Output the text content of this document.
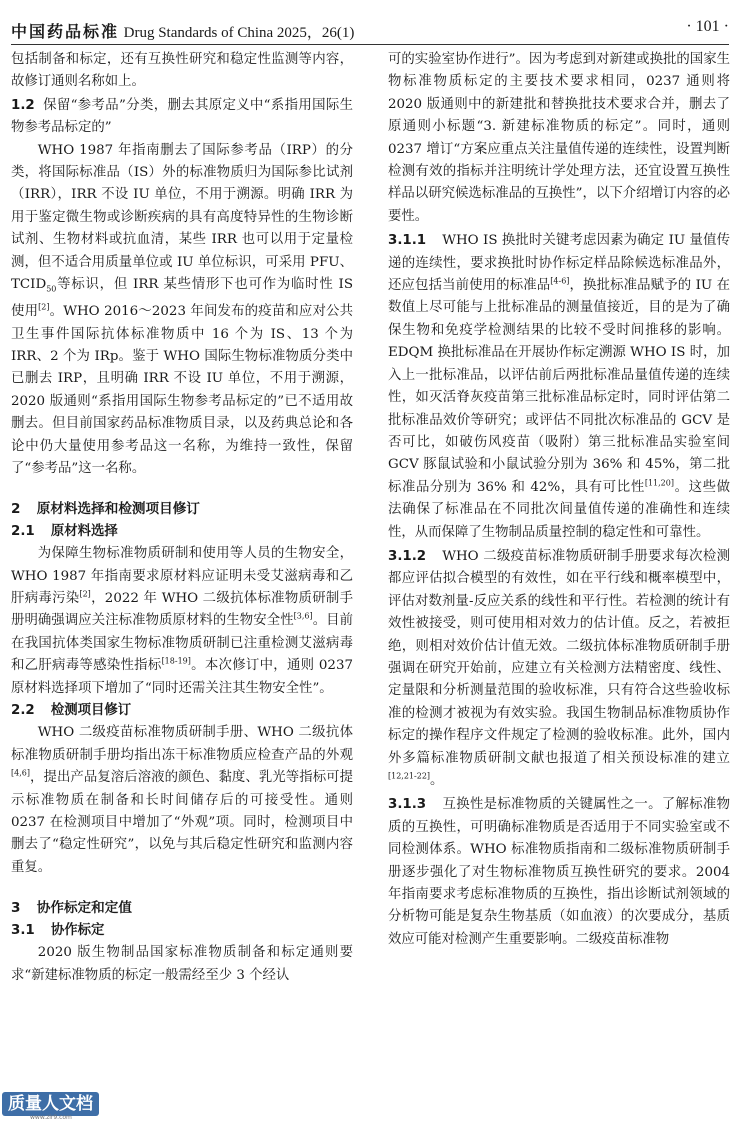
中国药品标准 Drug Standards of China 2025，26(1)	· 101 ·

包括制备和标定，还有互换性研究和稳定性监测等内容，故修订通则名称如上。

1.2 保留“参考品”分类，删去其原定义中“系指用国际生物参考品标定的”

WHO 1987 年指南删去了国际参考品（IRP）的分类，将国际标准品（IS）外的标准物质归为国际参比试剂（IRR），IRR 不设 IU 单位，不用于溯源。明确 IRR 为用于鉴定微生物或诊断疾病的具有高度特异性的生物诊断试剂、生物材料或抗血清，某些 IRR 也可以用于定量检测，但不适合用质量单位或 IU 单位标识，可采用 PFU、$TCID_{50}$等标识，但 IRR 某些情形下也可作为临时性 IS 使用[2]。WHO 2016～2023 年间发布的疫苗和应对公共卫生事件国际抗体标准物质中 16 个为 IS、13 个为 IRR、2 个为 IRp。鉴于 WHO 国际生物标准物质分类中已删去 IRP，且明确 IRR 不设 IU 单位，不用于溯源，2020 版通则“系指用国际生物参考品标定的”已不适用故删去。但目前国家药品标准物质目录，以及药典总论和各论中仍大量使用参考品这一名称，为维持一致性，保留了“参考品”这一名称。

2 原材料选择和检测项目修订
2.1 原材料选择

为保障生物标准物质研制和使用等人员的生物安全，WHO 1987 年指南要求原材料应证明未受艾滋病毒和乙肝病毒污染[2]，2022 年 WHO 二级抗体标准物质研制手册明确强调应关注标准物质原材料的生物安全性[3,6]。目前在我国抗体类国家生物标准物质研制已注重检测艾滋病毒和乙肝病毒等感染性指标[18-19]。本次修订中，通则 0237 原材料选择项下增加了“同时还需关注其生物安全性”。

2.2 检测项目修订

WHO 二级疫苗标准物质研制手册、WHO 二级抗体标准物质研制手册均指出冻干标准物质应检查产品的外观[4,6]，提出产品复溶后溶液的颜色、黏度、乳光等指标可提示标准物质在制备和长时间储存后的可接受性。通则 0237 在检测项目中增加了“外观”项。同时，检测项目中删去了“稳定性研究”，以免与其后稳定性研究和监测内容重复。

3 协作标定和定值
3.1 协作标定

2020 版生物制品国家标准物质制备和标定通则要求“新建标准物质的标定一般需经至少 3 个经认

可的实验室协作进行”。因为考虑到对新建或换批的国家生物标准物质标定的主要技术要求相同，0237 通则将 2020 版通则中的新建批和替换批技术要求合并，删去了原通则小标题“3. 新建标准物质的标定”。同时，通则 0237 增订“方案应重点关注量值传递的连续性，设置判断检测有效的指标并注明统计学处理方法，还宜设置互换性样品以研究候选标准品的互换性”，以下介绍增订内容的必要性。

3.1.1 WHO IS 换批时关键考虑因素为确定 IU 量值传递的连续性，要求换批时协作标定样品除候选标准品外，还应包括当前使用的标准品[4-6]，换批标准品赋予的 IU 在数值上尽可能与上批标准品的测量值接近，目的是为了确保生物和免疫学检测结果的比较不受时间推移的影响。EDQM 换批标准品在开展协作标定溯源 WHO IS 时，加入上一批标准品，以评估前后两批标准品量值传递的连续性，如灭活脊灰疫苗第三批标准品标定时，同时评估第二批标准品效价等研究；或评估不同批次标准品的 GCV 是否可比，如破伤风疫苗（吸附）第三批标准品实验室间 GCV 豚鼠试验和小鼠试验分别为 36% 和 45%，第二批标准品分别为 36% 和 42%，具有可比性[11,20]。这些做法确保了标准品在不同批次间量值传递的准确性和连续性，从而保障了生物制品质量控制的稳定性和可靠性。

3.1.2 WHO 二级疫苗标准物质研制手册要求每次检测都应评估拟合模型的有效性，如在平行线和概率模型中，评估对数剂量-反应关系的线性和平行性。若检测的统计有效性被接受，则可使用相对效力的估计值。反之，若被拒绝，则相对效价估计值无效。二级抗体标准物质研制手册强调在研究开始前，应建立有关检测方法精密度、线性、定量限和分析测量范围的验收标准，只有符合这些验收标准的检测才被视为有效实验。我国生物制品标准物质协作标定的操作程序文件规定了检测的验收标准。此外，国内外多篇标准物质研制文献也报道了相关预设标准的建立[12,21-22]。

3.1.3 互换性是标准物质的关键属性之一。了解标准物质的互换性，可明确标准物质是否适用于不同实验室或不同检测体系。WHO 标准物质指南和二级标准物质研制手册逐步强化了对生物标准物质互换性研究的要求。2004 年指南要求考虑标准物质的互换性，指出诊断试剂领域的分析物可能是复杂生物基质（如血液）的次要成分，基质效应可能对检测产生重要影响。二级疫苗标准物

质量人文档
www.zlr9.com
